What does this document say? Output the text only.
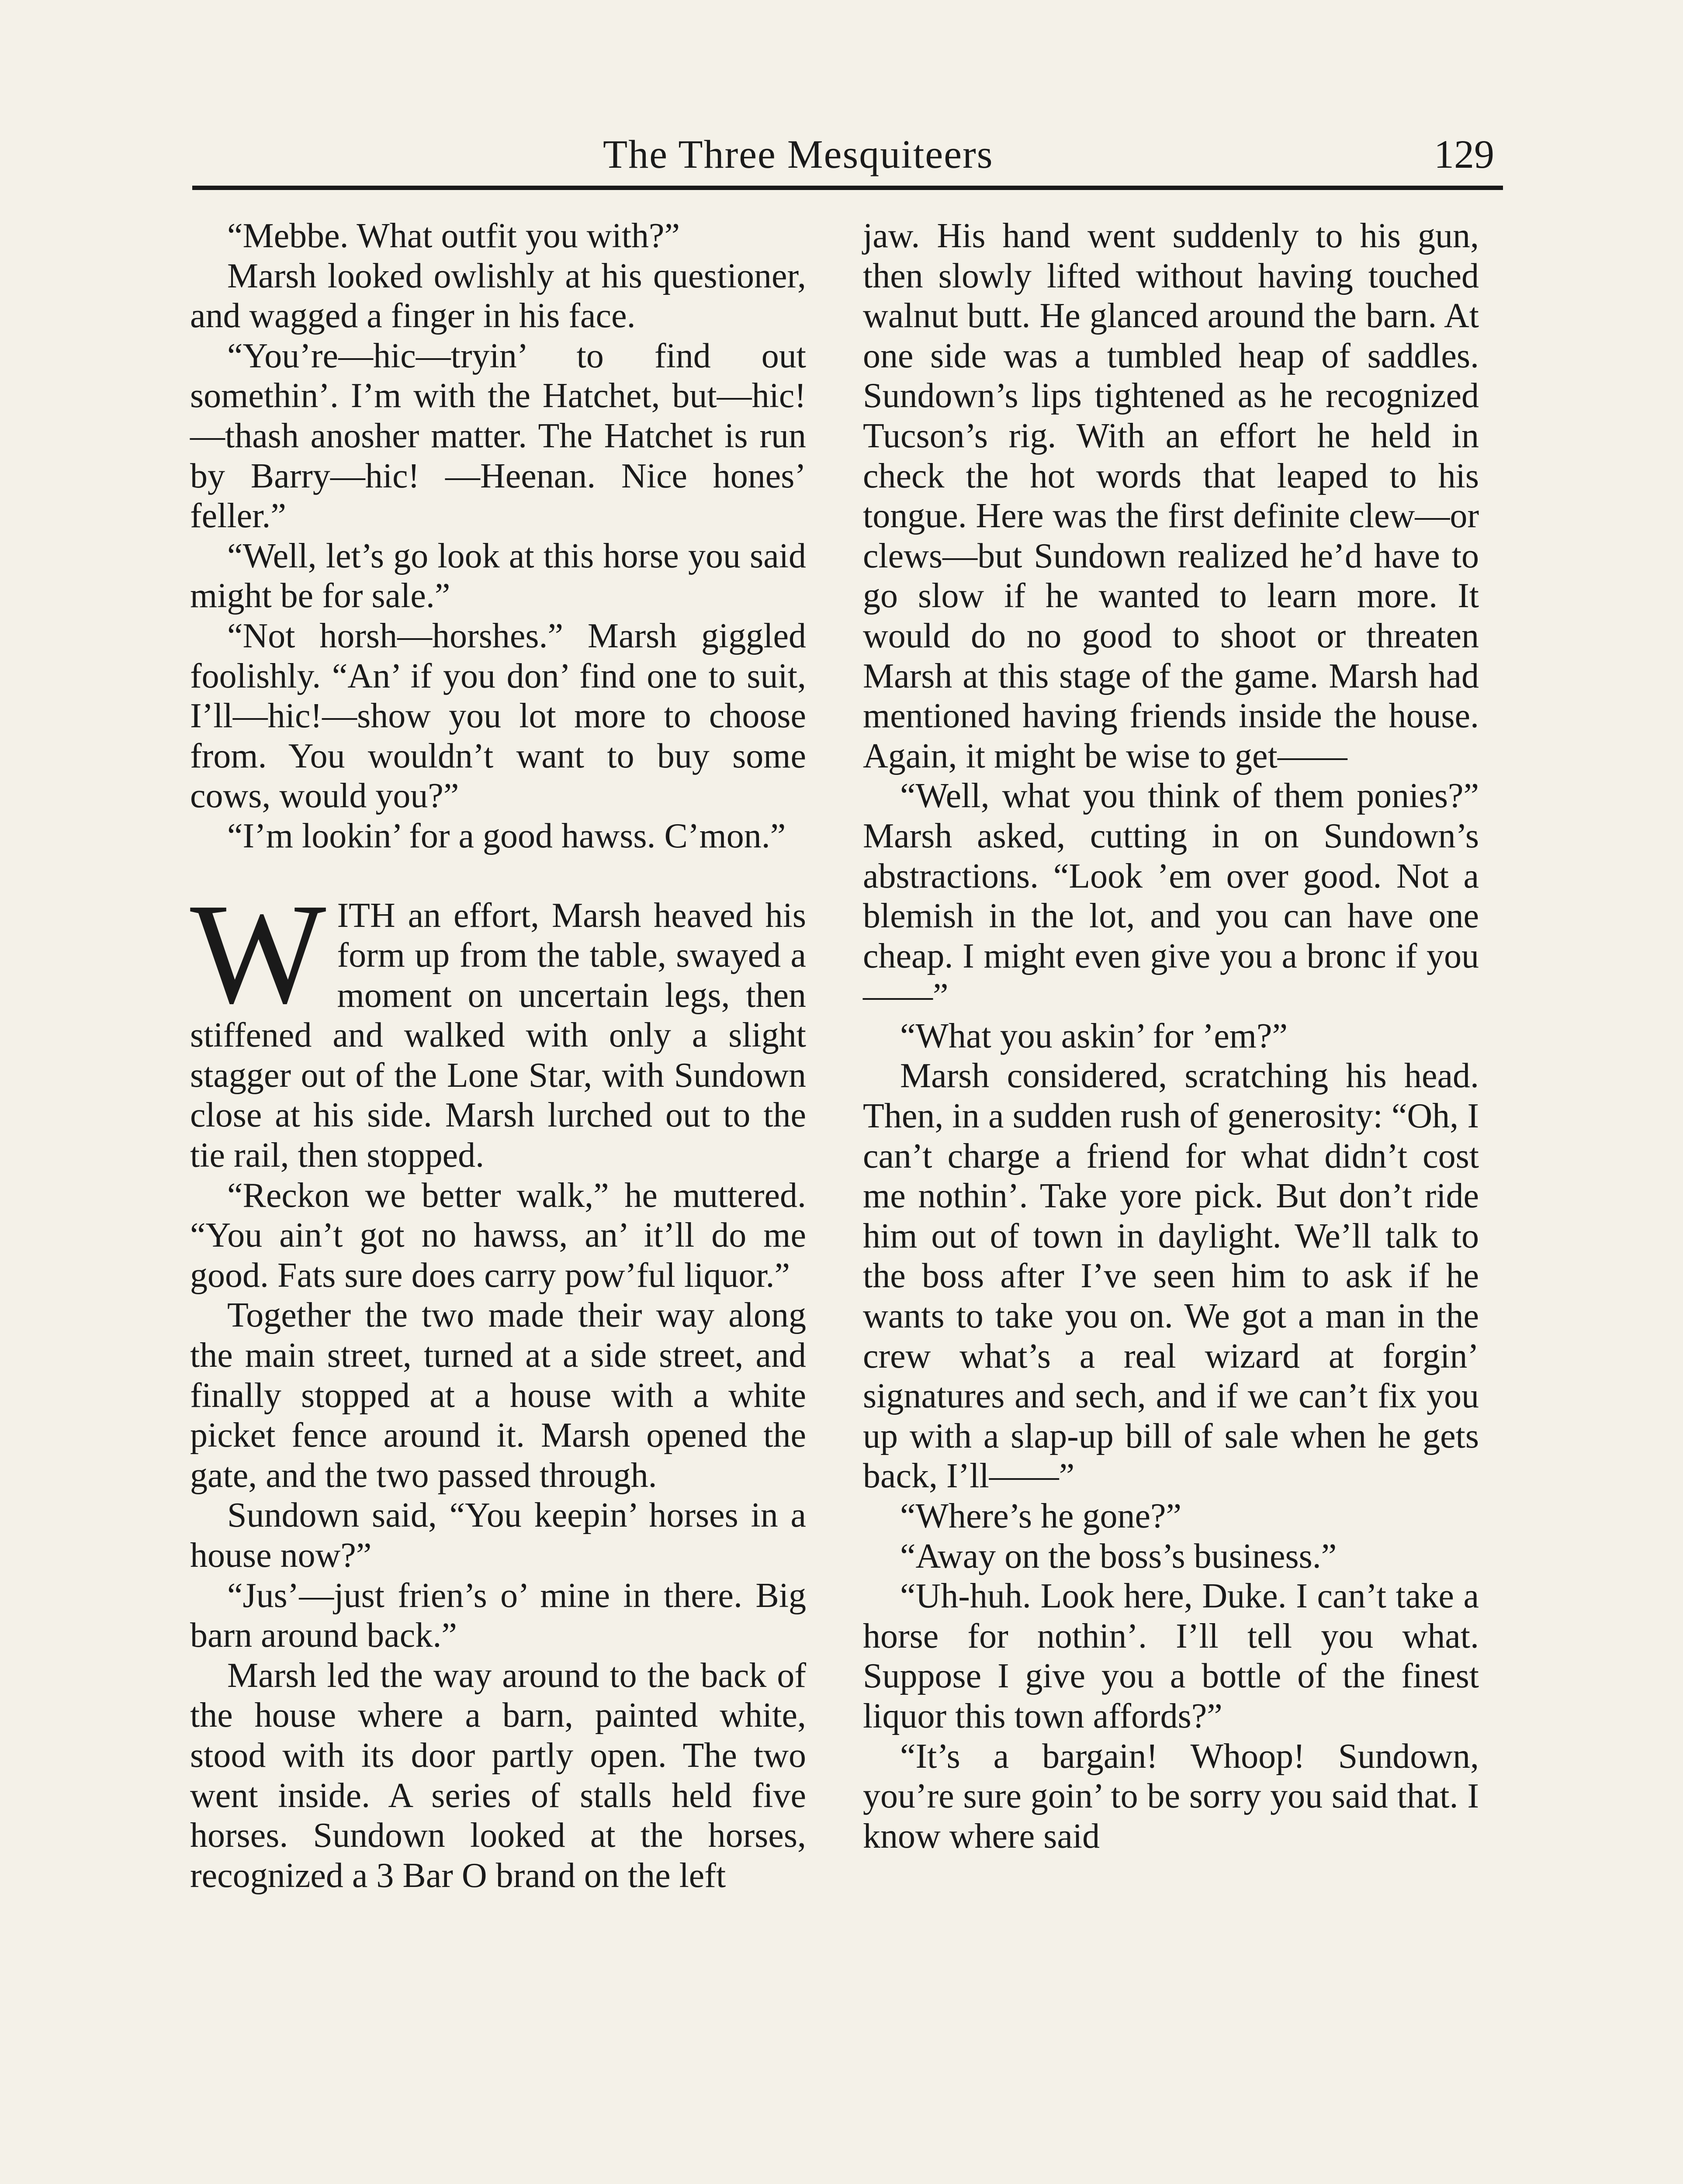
The Three Mesquiteers	129

“Mebbe. What outfit you with?”

Marsh looked owlishly at his questioner, and wagged a finger in his face.

“You’re—hic—tryin’ to find out somethin’. I’m with the Hatchet, but—hic!—thash anosher matter. The Hatchet is run by Barry—hic! —Heenan. Nice hones’ feller.”

“Well, let’s go look at this horse you said might be for sale.”

“Not horsh—horshes.” Marsh giggled foolishly. “An’ if you don’ find one to suit, I’ll—hic!—show you lot more to choose from. You wouldn’t want to buy some cows, would you?”

“I’m lookin’ for a good hawss. C’mon.”

WITH an effort, Marsh heaved his form up from the table, swayed a moment on uncertain legs, then stiffened and walked with only a slight stagger out of the Lone Star, with Sundown close at his side. Marsh lurched out to the tie rail, then stopped.

“Reckon we better walk,” he muttered. “You ain’t got no hawss, an’ it’ll do me good. Fats sure does carry pow’ful liquor.”

Together the two made their way along the main street, turned at a side street, and finally stopped at a house with a white picket fence around it. Marsh opened the gate, and the two passed through.

Sundown said, “You keepin’ horses in a house now?”

“Jus’—just frien’s o’ mine in there. Big barn around back.”

Marsh led the way around to the back of the house where a barn, painted white, stood with its door partly open. The two went inside. A series of stalls held five horses. Sundown looked at the horses, recognized a 3 Bar O brand on the left

jaw. His hand went suddenly to his gun, then slowly lifted without having touched walnut butt. He glanced around the barn. At one side was a tumbled heap of saddles. Sundown’s lips tightened as he recognized Tucson’s rig. With an effort he held in check the hot words that leaped to his tongue. Here was the first definite clew—or clews—but Sundown realized he’d have to go slow if he wanted to learn more. It would do no good to shoot or threaten Marsh at this stage of the game. Marsh had mentioned having friends inside the house. Again, it might be wise to get——

“Well, what you think of them ponies?” Marsh asked, cutting in on Sundown’s abstractions. “Look ’em over good. Not a blemish in the lot, and you can have one cheap. I might even give you a bronc if you——”

“What you askin’ for ’em?”

Marsh considered, scratching his head. Then, in a sudden rush of generosity: “Oh, I can’t charge a friend for what didn’t cost me nothin’. Take yore pick. But don’t ride him out of town in daylight. We’ll talk to the boss after I’ve seen him to ask if he wants to take you on. We got a man in the crew what’s a real wizard at forgin’ signatures and sech, and if we can’t fix you up with a slap-up bill of sale when he gets back, I’ll——”

“Where’s he gone?”

“Away on the boss’s business.”

“Uh-huh. Look here, Duke. I can’t take a horse for nothin’. I’ll tell you what. Suppose I give you a bottle of the finest liquor this town affords?”

“It’s a bargain! Whoop! Sundown, you’re sure goin’ to be sorry you said that. I know where said
